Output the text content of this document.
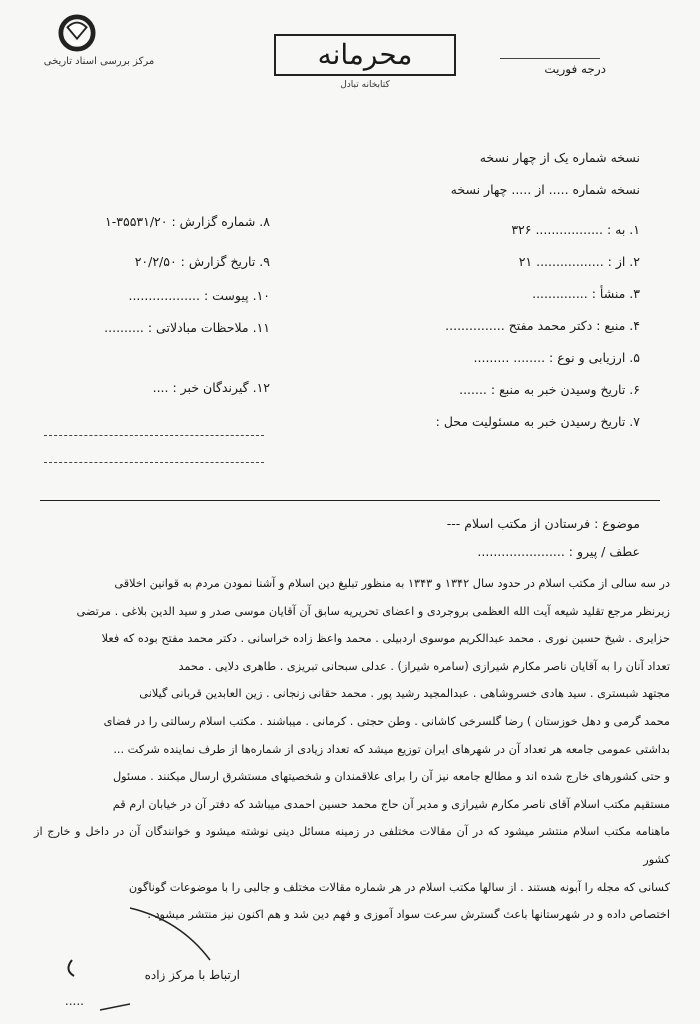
مرکز بررسی اسناد تاریخی	محرمانه
کتابخانه تبادل
درجه فوریت
نسخه شماره یک از چهار نسخه
نسخه شماره ..... از ..... چهار نسخه
۱. به : ................. ۳۲۶
۲. از : ................. ۲۱
۳. منشأ : ..............
۴. منبع : دکتر محمد مفتح ...............
۵. ارزیابی و نوع : ........ .........
۶. تاریخ وسیدن خبر به منبع : .......
۷. تاریخ رسیدن خبر به مسئولیت محل :
۸. شماره گزارش : ۳۵۵۳۱/۲۰-۱
۹. تاریخ گزارش : ۲۰/۲/۵۰
۱۰. پیوست : ..................
۱۱. ملاحظات مبادلاتی : ..........
۱۲. گیرندگان خبر : ....
موضوع : فرستادن از مکتب اسلام ---
عطف / پیرو : ......................

در سه سالی از مکتب اسلام در حدود سال ۱۳۴۲ و ۱۳۴۳ به منظور تبلیغ دین اسلام و آشنا نمودن مردم به قوانین اخلاقی

زیرنظر مرجع تقلید شیعه آیت الله العظمی بروجردی و اعضای تحریریه سابق آن آقایان موسی صدر و سید الدین بلاغی . مرتضی

حزایری . شیخ حسین نوری . محمد عبدالکریم موسوی اردبیلی . محمد واعظ زاده خراسانی . دکتر محمد مفتح بوده که فعلا

تعداد آنان را به آقایان ناصر مکارم شیرازی (سامره شیراز) . عدلی سبحانی تبریزی . طاهری دلایی . محمد

مجتهد شبستری . سید هادی خسروشاهی . عبدالمجید رشید پور . محمد حقانی زنجانی . زین العابدین قربانی گیلانی

محمد گرمی و دهل خوزستان ) رضا گلسرخی کاشانی . وطن حجتی . کرمانی . میباشند . مکتب اسلام رسالتی را در فضای

بداشتی عمومی جامعه هر تعداد آن در شهرهای ایران توزیع میشد که تعداد زیادی از شماره‌ها از طرف نماینده شرکت ...

و حتی کشورهای خارج شده اند و مطالع جامعه نیز آن را برای علاقمندان و شخصیتهای مستشرق ارسال میکنند . مسئول

مستقیم مکتب اسلام آقای ناصر مکارم شیرازی و مدیر آن حاج محمد حسین احمدی میباشد که دفتر آن در خیابان ارم قم

ماهنامه مکتب اسلام منتشر میشود که در آن مقالات مختلفی در زمینه مسائل دینی نوشته میشود و خوانندگان آن در داخل و خارج از کشور

کسانی که مجله را آبونه هستند . از سالها مکتب اسلام در هر شماره مقالات مختلف و جالبی را با موضوعات گوناگون

اختصاص داده و در شهرستانها باعث گسترش سرعت سواد آموزی و فهم دین شد و هم اکنون نیز منتشر میشود .

ارتباط با مرکز زاده
.....
